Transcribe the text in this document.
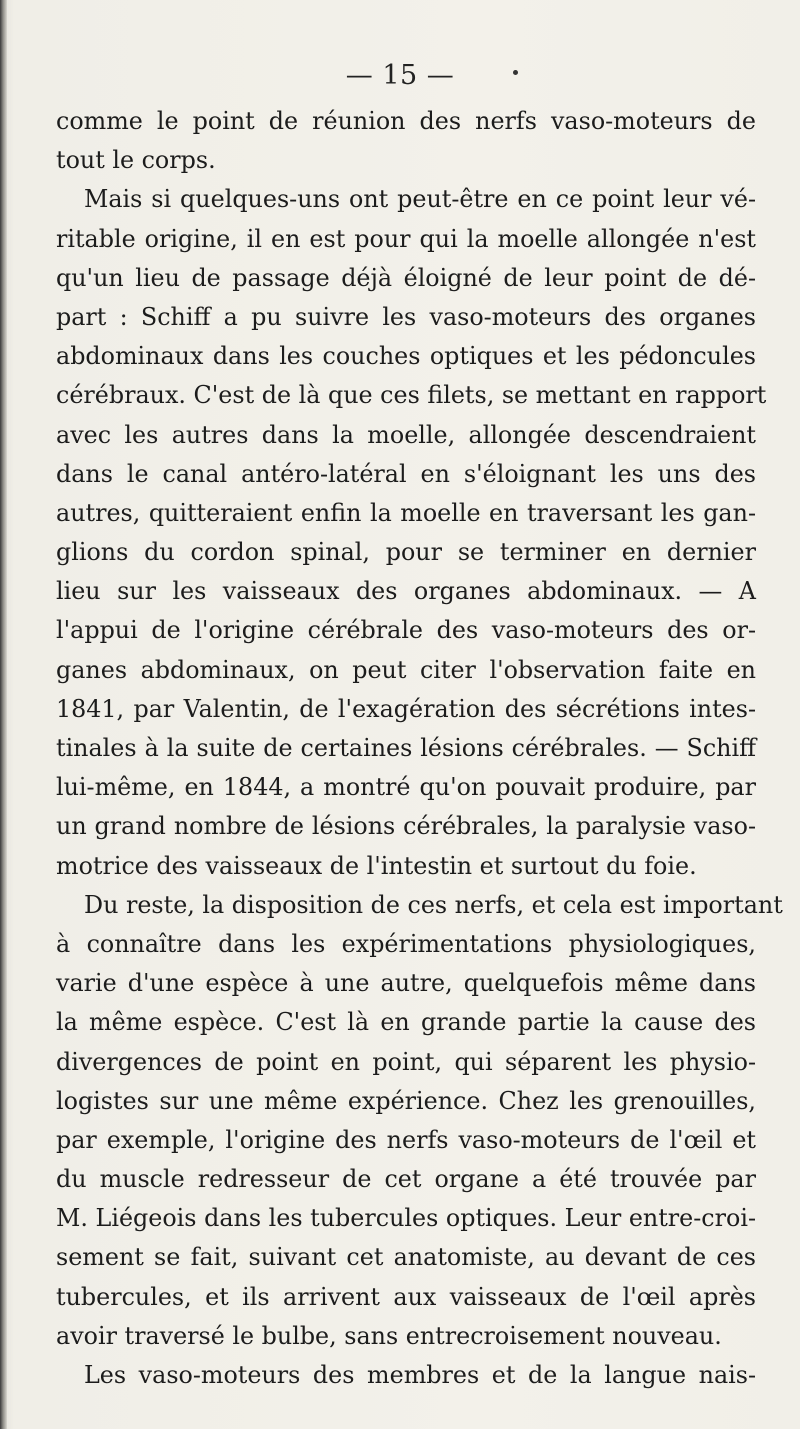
— 15 —

comme le point de réunion des nerfs vaso-moteurs de
tout le corps.

Mais si quelques-uns ont peut-être en ce point leur vé-
ritable origine, il en est pour qui la moelle allongée n'est
qu'un lieu de passage déjà éloigné de leur point de dé-
part : Schiff a pu suivre les vaso-moteurs des organes
abdominaux dans les couches optiques et les pédoncules
cérébraux. C'est de là que ces filets, se mettant en rapport
avec les autres dans la moelle, allongée descendraient
dans le canal antéro-latéral en s'éloignant les uns des
autres, quitteraient enfin la moelle en traversant les gan-
glions du cordon spinal, pour se terminer en dernier
lieu sur les vaisseaux des organes abdominaux. — A
l'appui de l'origine cérébrale des vaso-moteurs des or-
ganes abdominaux, on peut citer l'observation faite en
1841, par Valentin, de l'exagération des sécrétions intes-
tinales à la suite de certaines lésions cérébrales. — Schiff
lui-même, en 1844, a montré qu'on pouvait produire, par
un grand nombre de lésions cérébrales, la paralysie vaso-
motrice des vaisseaux de l'intestin et surtout du foie.

Du reste, la disposition de ces nerfs, et cela est important
à connaître dans les expérimentations physiologiques,
varie d'une espèce à une autre, quelquefois même dans
la même espèce. C'est là en grande partie la cause des
divergences de point en point, qui séparent les physio-
logistes sur une même expérience. Chez les grenouilles,
par exemple, l'origine des nerfs vaso-moteurs de l'œil et
du muscle redresseur de cet organe a été trouvée par
M. Liégeois dans les tubercules optiques. Leur entre-croi-
sement se fait, suivant cet anatomiste, au devant de ces
tubercules, et ils arrivent aux vaisseaux de l'œil après
avoir traversé le bulbe, sans entrecroisement nouveau.

Les vaso-moteurs des membres et de la langue nais-
